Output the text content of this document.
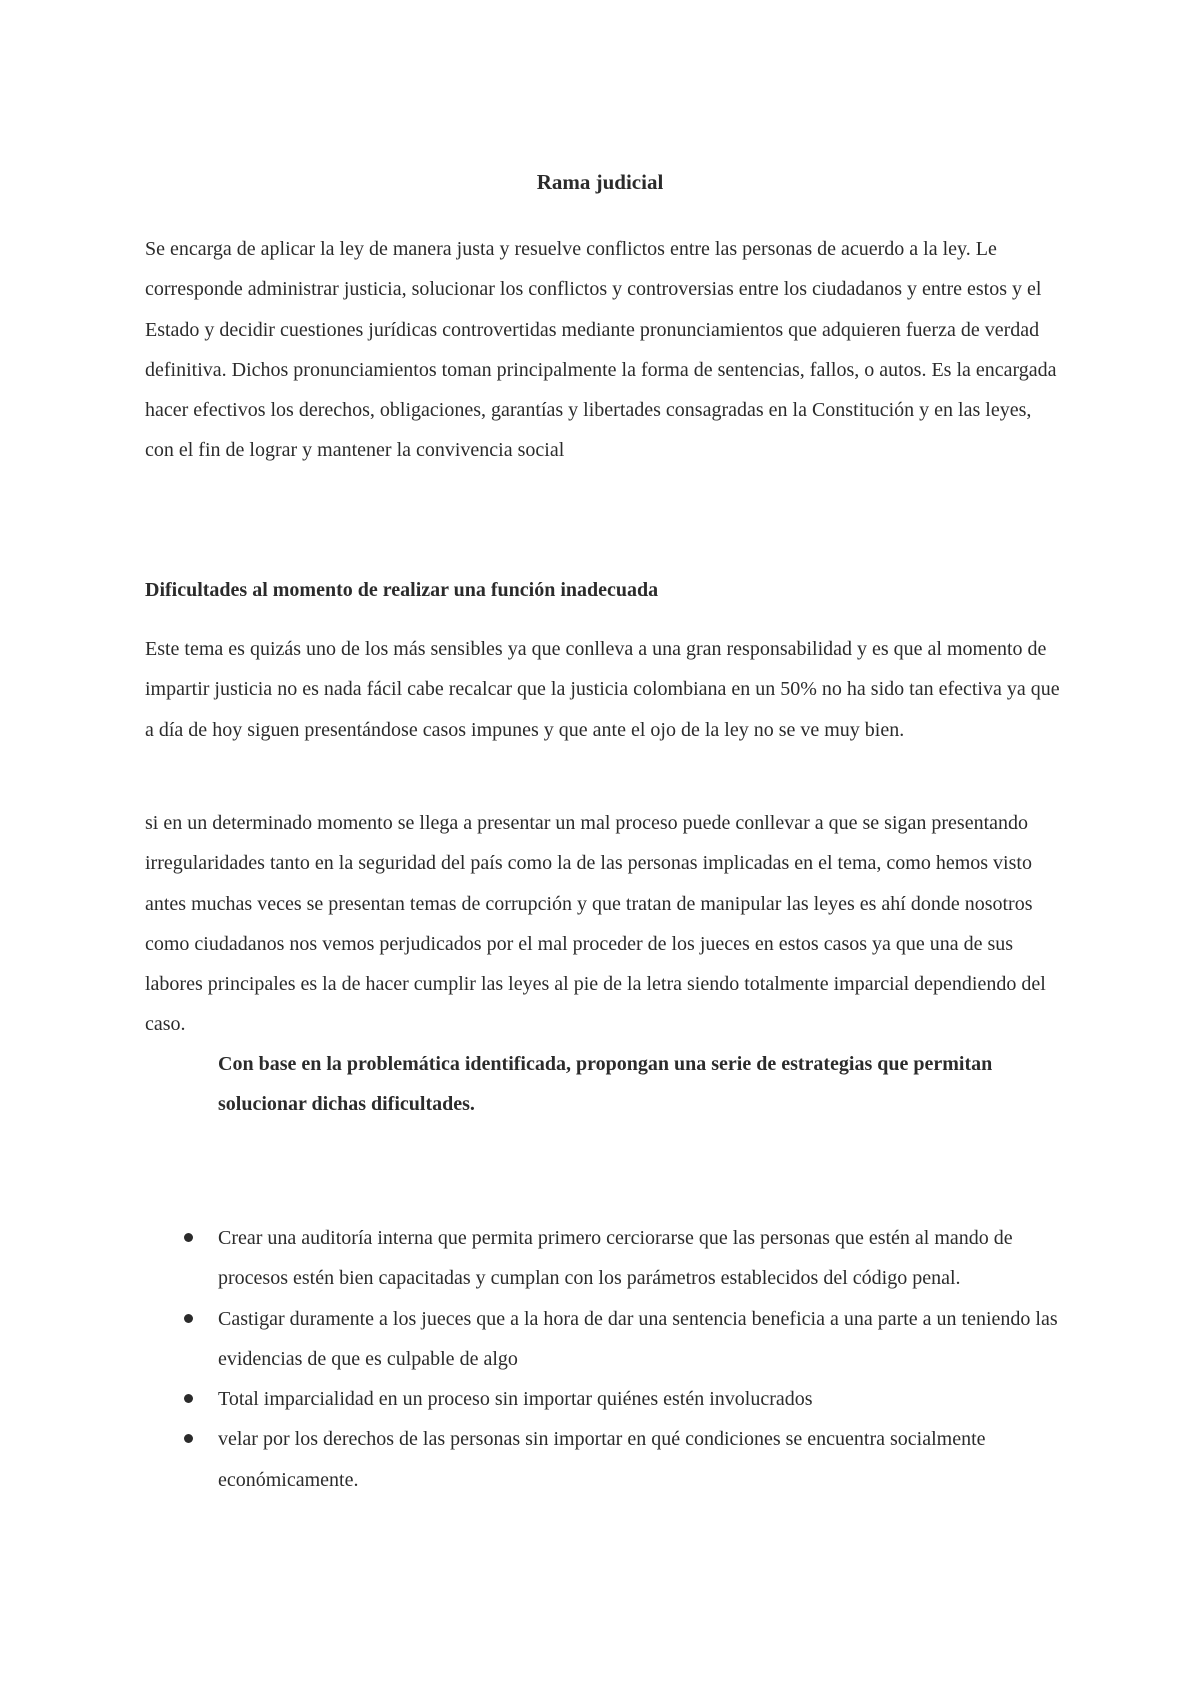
Rama judicial

Se encarga de aplicar la ley de manera justa y resuelve conflictos entre las personas de acuerdo a la ley. Le corresponde administrar justicia, solucionar los conflictos y controversias entre los ciudadanos y entre estos y el Estado y decidir cuestiones jurídicas controvertidas mediante pronunciamientos que adquieren fuerza de verdad definitiva. Dichos pronunciamientos toman principalmente la forma de sentencias, fallos, o autos. Es la encargada hacer efectivos los derechos, obligaciones, garantías y libertades consagradas en la Constitución y en las leyes, con el fin de lograr y mantener la convivencia social

Dificultades al momento de realizar una función inadecuada

Este tema es quizás uno de los más sensibles ya que conlleva a una gran responsabilidad y es que al momento de impartir justicia no es nada fácil cabe recalcar que la justicia colombiana en un 50% no ha sido tan efectiva ya que a día de hoy siguen presentándose casos impunes y que ante el ojo de la ley no se ve muy bien.

si en un determinado momento se llega a presentar un mal proceso puede conllevar a que se sigan presentando irregularidades tanto en la seguridad del país como la de las personas implicadas en el tema, como hemos visto antes muchas veces se presentan temas de corrupción y que tratan de manipular las leyes es ahí donde nosotros como ciudadanos nos vemos perjudicados por el mal proceder de los jueces en estos casos ya que una de sus labores principales es la de hacer cumplir las leyes al pie de la letra siendo totalmente imparcial dependiendo del caso.

Con base en la problemática identificada, propongan una serie de estrategias que permitan solucionar dichas dificultades.

Crear una auditoría interna que permita primero cerciorarse que las personas que estén al mando de procesos estén bien capacitadas y cumplan con los parámetros establecidos del código penal.
Castigar duramente a los jueces que a la hora de dar una sentencia beneficia a una parte a un teniendo las evidencias de que es culpable de algo
Total imparcialidad en un proceso sin importar quiénes estén involucrados
velar por los derechos de las personas sin importar en qué condiciones se encuentra socialmente económicamente.
